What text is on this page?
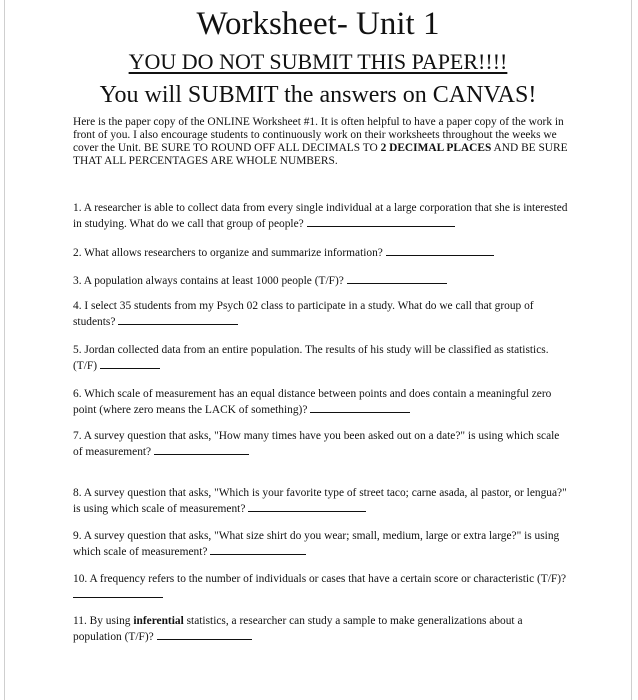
Worksheet- Unit 1
YOU DO NOT SUBMIT THIS PAPER!!!!
You will SUBMIT the answers on CANVAS!
Here is the paper copy of the ONLINE Worksheet #1. It is often helpful to have a paper copy of the work in front of you. I also encourage students to continuously work on their worksheets throughout the weeks we cover the Unit. BE SURE TO ROUND OFF ALL DECIMALS TO 2 DECIMAL PLACES AND BE SURE THAT ALL PERCENTAGES ARE WHOLE NUMBERS.
1. A researcher is able to collect data from every single individual at a large corporation that she is interested in studying. What do we call that group of people?
2. What allows researchers to organize and summarize information?
3. A population always contains at least 1000 people (T/F)?
4. I select 35 students from my Psych 02 class to participate in a study. What do we call that group of students?
5. Jordan collected data from an entire population. The results of his study will be classified as statistics. (T/F)
6. Which scale of measurement has an equal distance between points and does contain a meaningful zero point (where zero means the LACK of something)?
7. A survey question that asks, "How many times have you been asked out on a date?" is using which scale
of measurement?
8. A survey question that asks, "Which is your favorite type of street taco; carne asada, al pastor, or lengua?" is using which scale of measurement?
9. A survey question that asks, "What size shirt do you wear; small, medium, large or extra large?" is using which scale of measurement?
10. A frequency refers to the number of individuals or cases that have a certain score or characteristic (T/F)?
11. By using inferential statistics, a researcher can study a sample to make generalizations about a population (T/F)?
